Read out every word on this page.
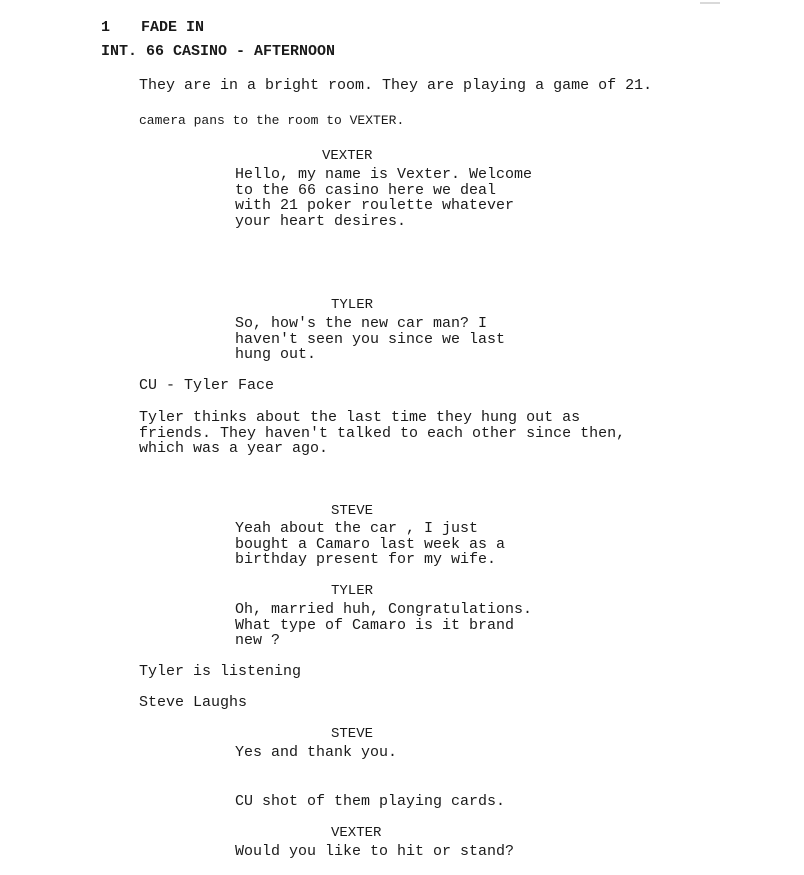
1 FADE IN
INT. 66 CASINO - AFTERNOON
They are in a bright room. They are playing a game of 21.
camera pans to the room to VEXTER.
VEXTER
Hello, my name is Vexter. Welcome
to the 66 casino here we deal
with 21 poker roulette whatever
your heart desires.
TYLER
So, how's the new car man? I
haven't seen you since we last
hung out.
CU - Tyler Face
Tyler thinks about the last time they hung out as
friends. They haven't talked to each other since then,
which was a year ago.
STEVE
Yeah about the car , I just
bought a Camaro last week as a
birthday present for my wife.
TYLER
Oh, married huh, Congratulations.
What type of Camaro is it brand
new ?
Tyler is listening
Steve Laughs
STEVE
Yes and thank you.
CU shot of them playing cards.
VEXTER
Would you like to hit or stand?
